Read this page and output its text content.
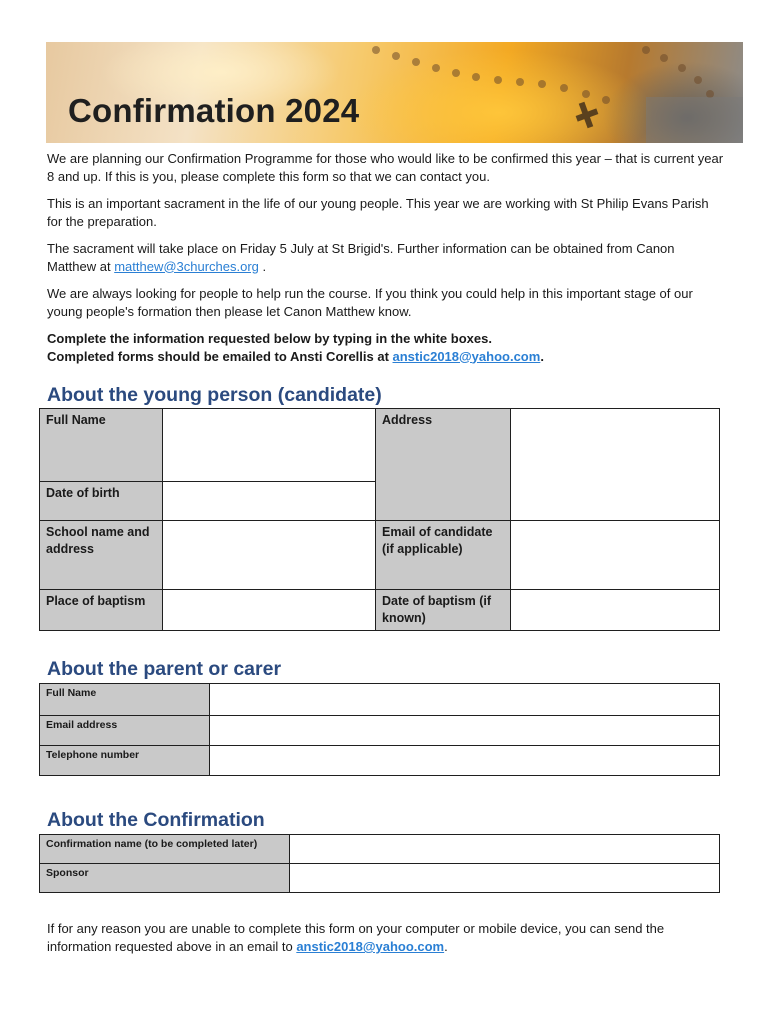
Confirmation 2024

We are planning our Confirmation Programme for those who would like to be confirmed this year – that is current year 8 and up. If this is you, please complete this form so that we can contact you.

This is an important sacrament in the life of our young people. This year we are working with St Philip Evans Parish for the preparation.

The sacrament will take place on Friday 5 July at St Brigid's. Further information can be obtained from Canon Matthew at matthew@3churches.org .

We are always looking for people to help run the course. If you think you could help in this important stage of our young people's formation then please let Canon Matthew know.

Complete the information requested below by typing in the white boxes.

Completed forms should be emailed to Ansti Corellis at anstic2018@yahoo.com.

About the young person (candidate)
Full Name		Address	
Date of birth			
School name and address		Email of candidate (if applicable)	
Place of baptism		Date of baptism (if known)	
About the parent or carer
Full Name	
Email address	
Telephone number	
About the Confirmation
Confirmation name (to be completed later)	
Sponsor	

If for any reason you are unable to complete this form on your computer or mobile device, you can send the information requested above in an email to anstic2018@yahoo.com.
